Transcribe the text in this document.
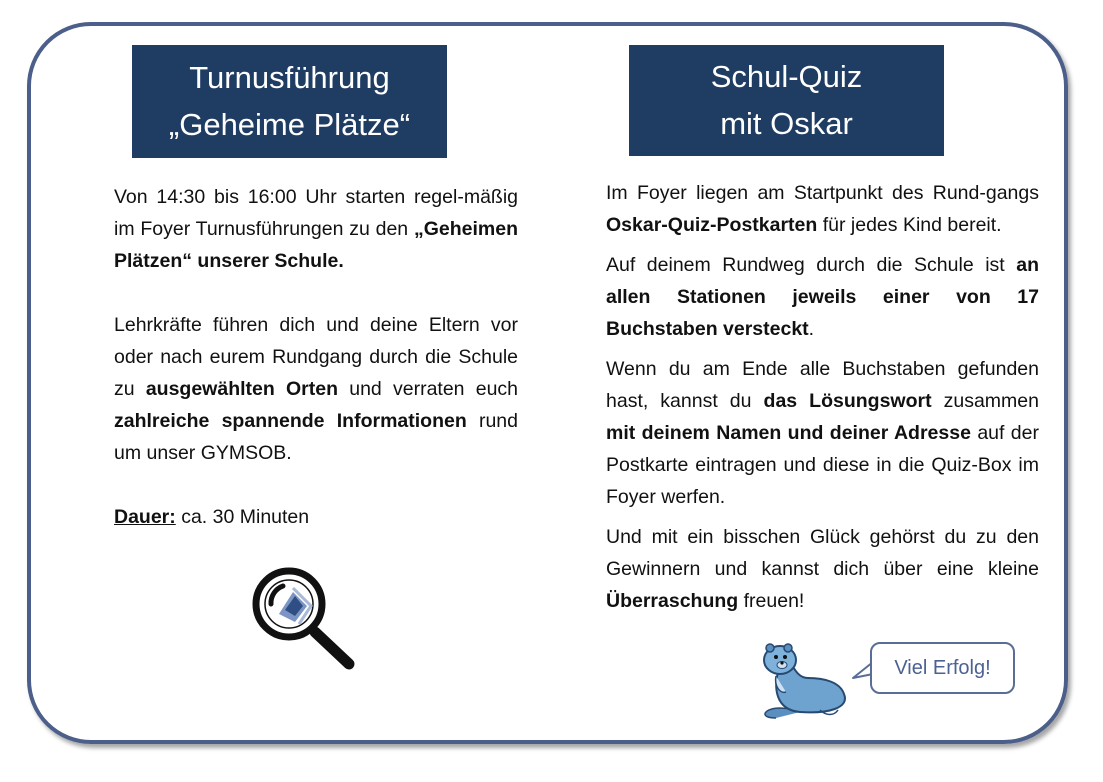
Turnusführung
„Geheime Plätze“
Schul-Quiz
mit Oskar

Von 14:30 bis 16:00 Uhr starten regel-mäßig im Foyer Turnusführungen zu den „Geheimen Plätzen“ unserer Schule.

Lehrkräfte führen dich und deine Eltern vor oder nach eurem Rundgang durch die Schule zu ausgewählten Orten und verraten euch zahlreiche spannende Informationen rund um unser GYMSOB.

Dauer: ca. 30 Minuten

Im Foyer liegen am Startpunkt des Rund-gangs Oskar-Quiz-Postkarten für jedes Kind bereit.

Auf deinem Rundweg durch die Schule ist an allen Stationen jeweils einer von 17 Buchstaben versteckt.

Wenn du am Ende alle Buchstaben gefunden hast, kannst du das Lösungswort zusammen mit deinem Namen und deiner Adresse auf der Postkarte eintragen und diese in die Quiz-Box im Foyer werfen.

Und mit ein bisschen Glück gehörst du zu den Gewinnern und kannst dich über eine kleine Überraschung freuen!

Viel Erfolg!
